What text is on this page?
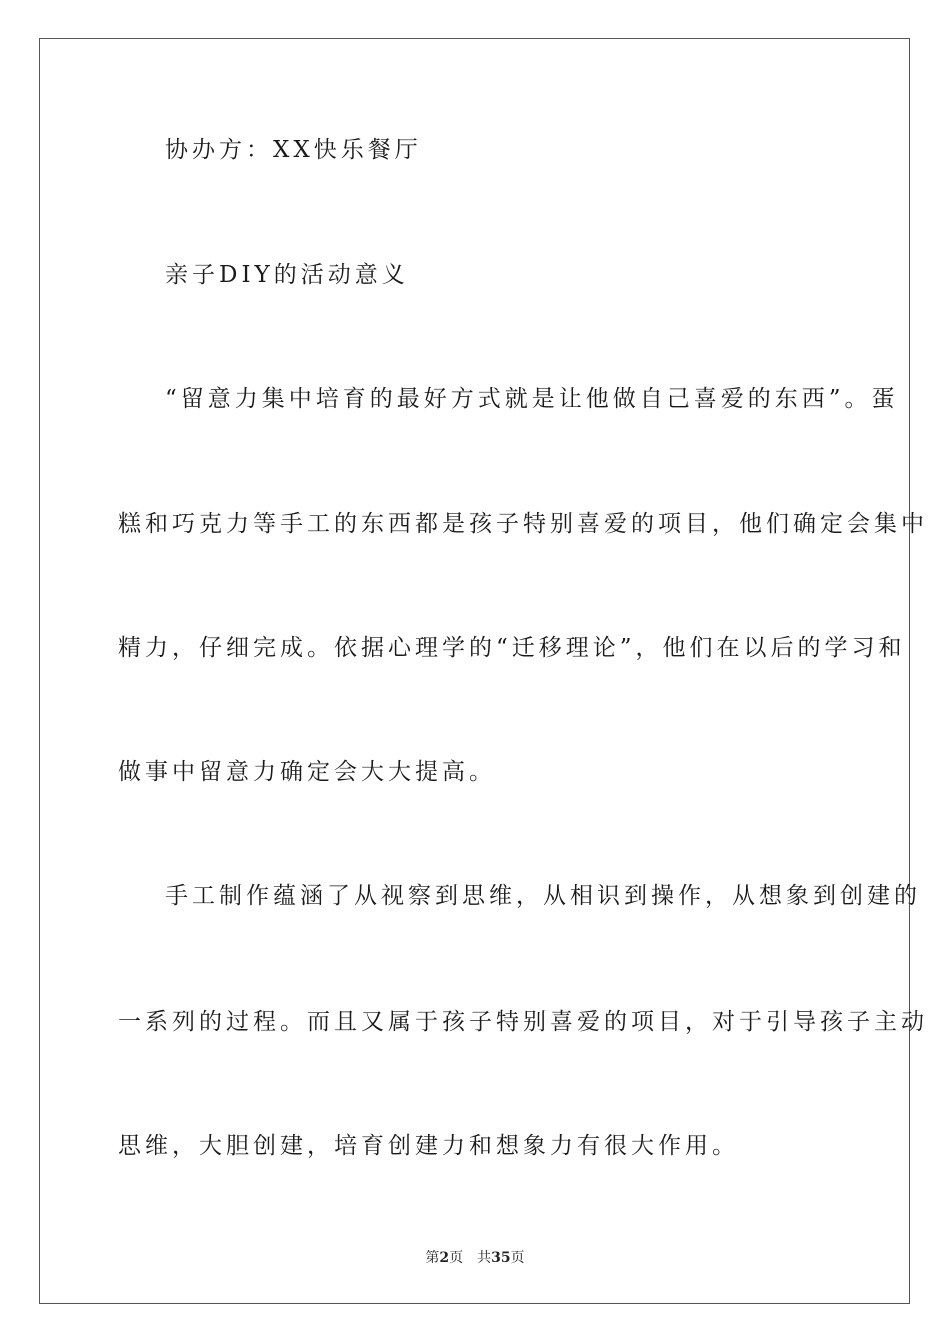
协办方：XX快乐餐厅
亲子DIY的活动意义
“留意力集中培育的最好方式就是让他做自己喜爱的东西”。蛋
糕和巧克力等手工的东西都是孩子特别喜爱的项目，他们确定会集中
精力，仔细完成。依据心理学的“迁移理论”，他们在以后的学习和
做事中留意力确定会大大提高。
手工制作蕴涵了从视察到思维，从相识到操作，从想象到创建的
一系列的过程。而且又属于孩子特别喜爱的项目，对于引导孩子主动
思维，大胆创建，培育创建力和想象力有很大作用。
第2页 共35页
